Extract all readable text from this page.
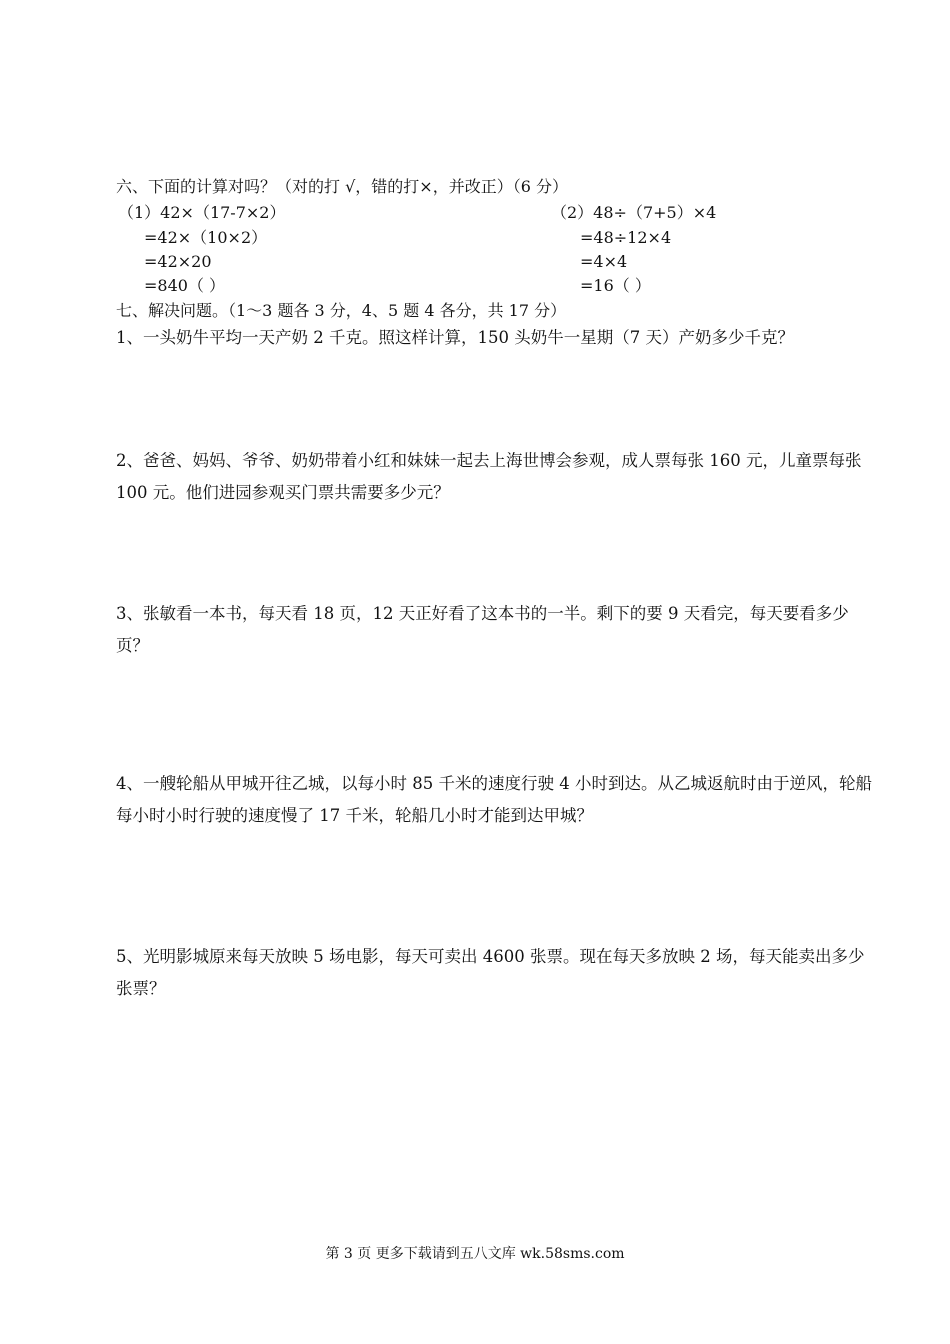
六、下面的计算对吗？（对的打 √，错的打×，并改正）（6 分）
（1）42×（17-7×2）
=42×（10×2）
=42×20
=840（ ）
（2）48÷（7+5）×4
=48÷12×4
=4×4
=16（ ）
七、解决问题。（1～3 题各 3 分，4、5 题 4 各分，共 17 分）
1、一头奶牛平均一天产奶 2 千克。照这样计算，150 头奶牛一星期（7 天）产奶多少千克？
2、爸爸、妈妈、爷爷、奶奶带着小红和妹妹一起去上海世博会参观，成人票每张 160 元，儿童票每张 100 元。他们进园参观买门票共需要多少元？
3、张敏看一本书，每天看 18 页，12 天正好看了这本书的一半。剩下的要 9 天看完，每天要看多少页？
4、一艘轮船从甲城开往乙城，以每小时 85 千米的速度行驶 4 小时到达。从乙城返航时由于逆风，轮船每小时小时行驶的速度慢了 17 千米，轮船几小时才能到达甲城？
5、光明影城原来每天放映 5 场电影，每天可卖出 4600 张票。现在每天多放映 2 场，每天能卖出多少张票？
第 3 页 更多下载请到五八文库 wk.58sms.com
